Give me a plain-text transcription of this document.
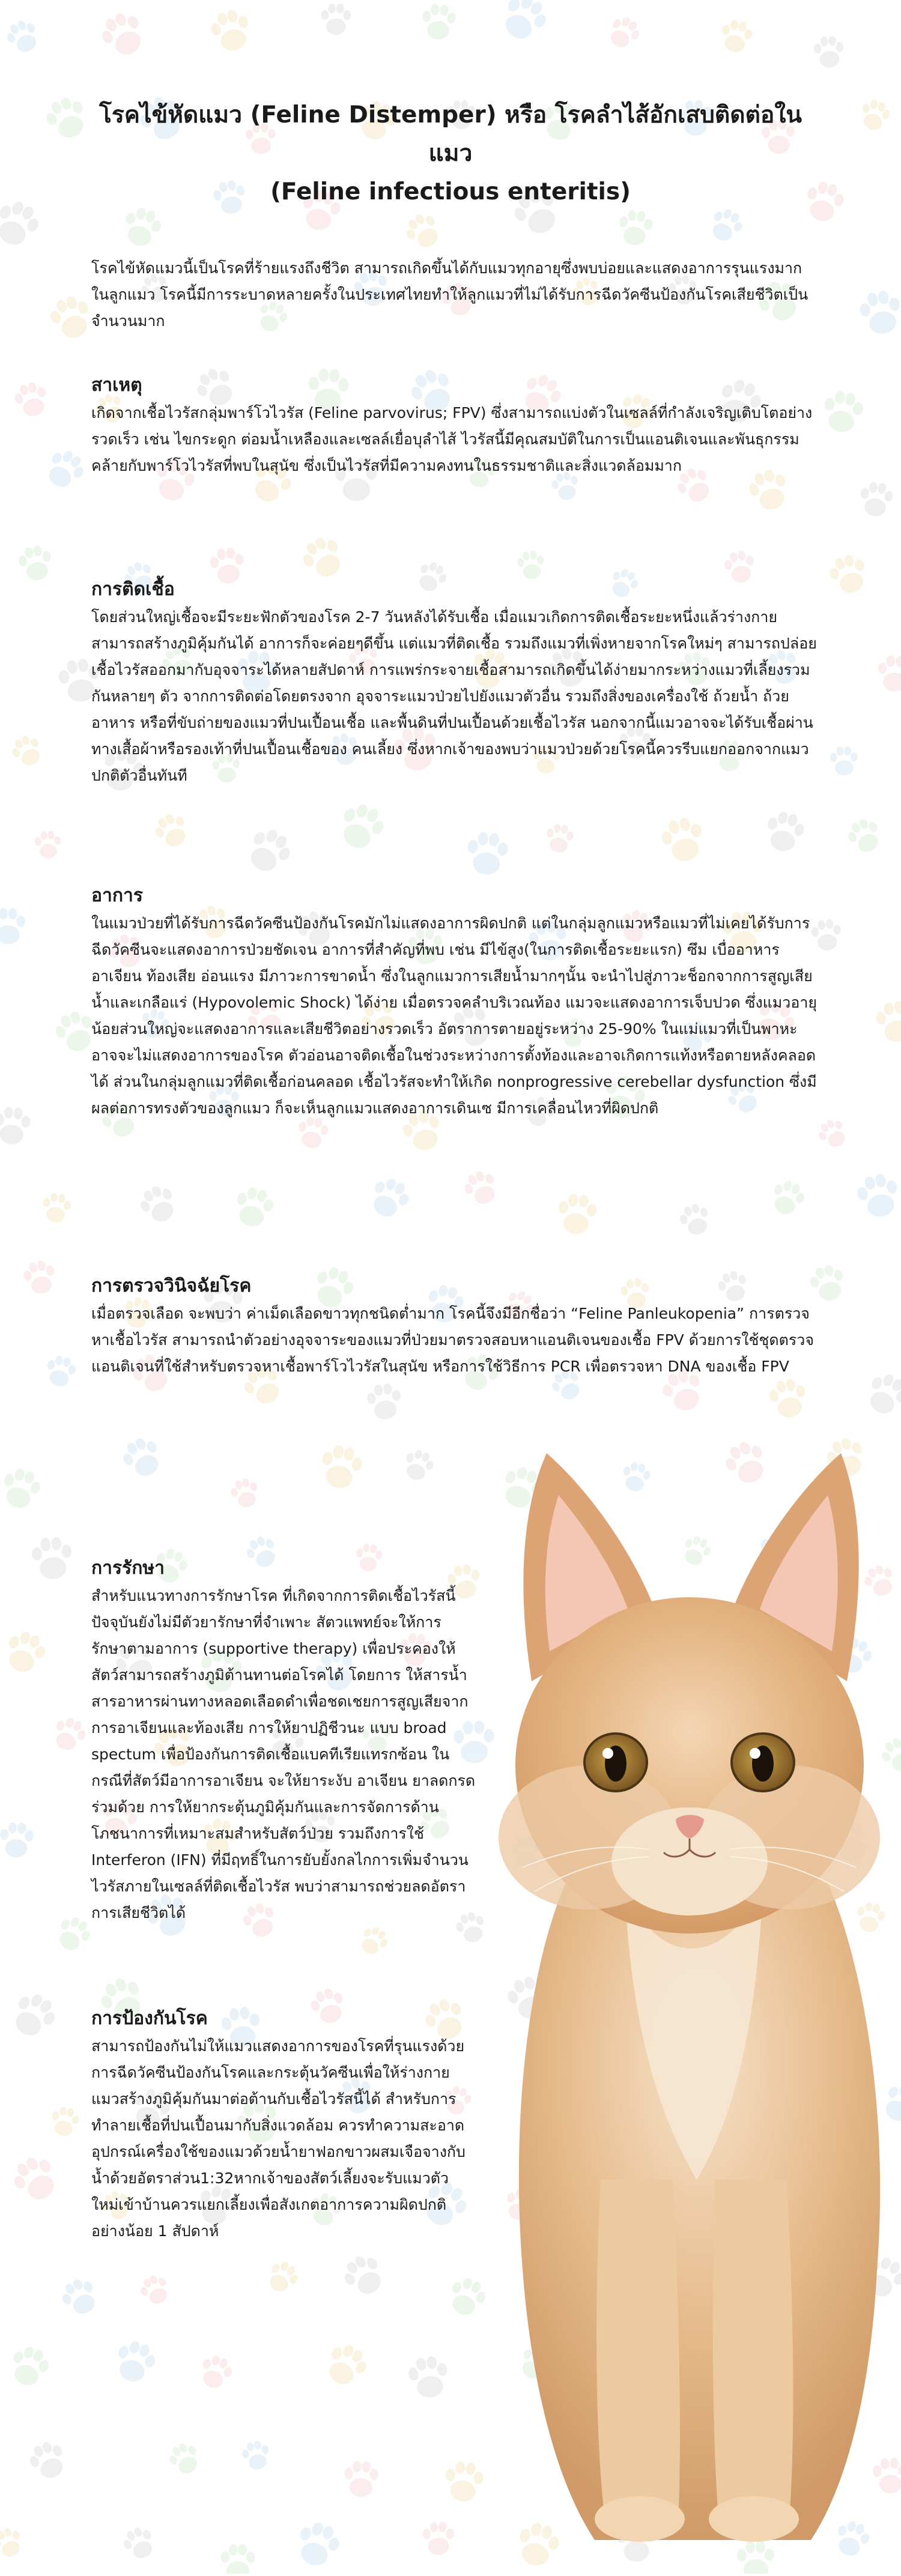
โรคไข้หัดแมว (Feline Distemper) หรือ โรคลำไส้อักเสบติดต่อในแมว
(Feline infectious enteritis)

โรคไข้หัดแมวนี้เป็นโรคที่ร้ายแรงถึงชีวิต สามารถเกิดขึ้นได้กับแมวทุกอายุซึ่งพบบ่อยและแสดงอาการรุนแรงมากในลูกแมว โรคนี้มีการระบาดหลายครั้งในประเทศไทยทำให้ลูกแมวที่ไม่ได้รับการฉีดวัคซีนป้องกันโรคเสียชีวิตเป็นจำนวนมาก

สาเหตุ

เกิดจากเชื้อไวรัสกลุ่มพาร์โวไวรัส (Feline parvovirus; FPV) ซึ่งสามารถแบ่งตัวในเซลล์ที่กำลังเจริญเติบโตอย่างรวดเร็ว เช่น ไขกระดูก ต่อมน้ำเหลืองและเซลล์เยื่อบุลำไส้ ไวรัสนี้มีคุณสมบัติในการเป็นแอนติเจนและพันธุกรรมคล้ายกับพาร์โวไวรัสที่พบในสุนัข ซึ่งเป็นไวรัสที่มีความคงทนในธรรมชาติและสิ่งแวดล้อมมาก

การติดเชื้อ

โดยส่วนใหญ่เชื้อจะมีระยะฟักตัวของโรค 2-7 วันหลังได้รับเชื้อ เมื่อแมวเกิดการติดเชื้อระยะหนึ่งแล้วร่างกายสามารถสร้างภูมิคุ้มกันได้ อาการก็จะค่อยๆดีขึ้น แต่แมวที่ติดเชื้อ รวมถึงแมวที่เพิ่งหายจากโรคใหม่ๆ สามารถปล่อยเชื้อไวรัสออกมากับอุจจาระได้หลายสัปดาห์ การแพร่กระจายเชื้อสามารถเกิดขึ้นได้ง่ายมากระหว่างแมวที่เลี้ยงรวมกันหลายๆ ตัว จากการติดต่อโดยตรงจาก อุจจาระแมวป่วยไปยังแมวตัวอื่น รวมถึงสิ่งของเครื่องใช้ ถ้วยน้ำ ถ้วยอาหาร หรือที่ขับถ่ายของแมวที่ปนเปื้อนเชื้อ และพื้นดินที่ปนเปื้อนด้วยเชื้อไวรัส นอกจากนี้แมวอาจจะได้รับเชื้อผ่านทางเสื้อผ้าหรือรองเท้าที่ปนเปื้อนเชื้อของ คนเลี้ยง ซึ่งหากเจ้าของพบว่าแมวป่วยด้วยโรคนี้ควรรีบแยกออกจากแมวปกติตัวอื่นทันที

อาการ

ในแมวป่วยที่ได้รับการฉีดวัคซีนป้องกันโรคมักไม่แสดงอาการผิดปกติ แต่ในกลุ่มลูกแมวหรือแมวที่ไม่เคยได้รับการฉีดวัคซีนจะแสดงอาการป่วยชัดเจน อาการที่สำคัญที่พบ เช่น มีไข้สูง(ในการติดเชื้อระยะแรก) ซึม เบื่ออาหาร อาเจียน ท้องเสีย อ่อนแรง มีภาวะการขาดน้ำ ซึ่งในลูกแมวการเสียน้ำมากๆนั้น จะนำไปสู่ภาวะช็อกจากการสูญเสียน้ำและเกลือแร่ (Hypovolemic Shock) ได้ง่าย เมื่อตรวจคลำบริเวณท้อง แมวจะแสดงอาการเจ็บปวด ซึ่งแมวอายุน้อยส่วนใหญ่จะแสดงอาการและเสียชีวิตอย่างรวดเร็ว อัตราการตายอยู่ระหว่าง 25-90% ในแม่แมวที่เป็นพาหะอาจจะไม่แสดงอาการของโรค ตัวอ่อนอาจติดเชื้อในช่วงระหว่างการตั้งท้องและอาจเกิดการแท้งหรือตายหลังคลอดได้ ส่วนในกลุ่มลูกแมวที่ติดเชื้อก่อนคลอด เชื้อไวรัสจะทำให้เกิด nonprogressive cerebellar dysfunction ซึ่งมีผลต่อการทรงตัวของลูกแมว ก็จะเห็นลูกแมวแสดงอาการเดินเซ มีการเคลื่อนไหวที่ผิดปกติ

การตรวจวินิจฉัยโรค

เมื่อตรวจเลือด จะพบว่า ค่าเม็ดเลือดขาวทุกชนิดต่ำมาก โรคนี้จึงมีอีกชื่อว่า “Feline Panleukopenia” การตรวจหาเชื้อไวรัส สามารถนำตัวอย่างอุจจาระของแมวที่ป่วยมาตรวจสอบหาแอนติเจนของเชื้อ FPV ด้วยการใช้ชุดตรวจแอนติเจนที่ใช้สำหรับตรวจหาเชื้อพาร์โวไวรัสในสุนัข หรือการใช้วิธีการ PCR เพื่อตรวจหา DNA ของเชื้อ FPV

การรักษา

สำหรับแนวทางการรักษาโรค ที่เกิดจากการติดเชื้อไวรัสนี้ปัจจุบันยังไม่มีตัวยารักษาที่จำเพาะ สัตวแพทย์จะให้การรักษาตามอาการ (supportive therapy) เพื่อประคองให้สัตว์สามารถสร้างภูมิต้านทานต่อโรคได้ โดยการ ให้สารน้ำสารอาหารผ่านทางหลอดเลือดดำเพื่อชดเชยการสูญเสียจากการอาเจียนและท้องเสีย การให้ยาปฏิชีวนะ แบบ broad spectum เพื่อป้องกันการติดเชื้อแบคทีเรียแทรกซ้อน ในกรณีที่สัตว์มีอาการอาเจียน จะให้ยาระงับ อาเจียน ยาลดกรดร่วมด้วย การให้ยากระตุ้นภูมิคุ้มกันและการจัดการด้านโภชนาการที่เหมาะสมสำหรับสัตว์ป่วย รวมถึงการใช้ Interferon (IFN) ที่มีฤทธิ์ในการยับยั้งกลไกการเพิ่มจำนวนไวรัสภายในเซลล์ที่ติดเชื้อไวรัส พบว่าสามารถช่วยลดอัตราการเสียชีวิตได้

การป้องกันโรค

สามารถป้องกันไม่ให้แมวแสดงอาการของโรคที่รุนแรงด้วยการฉีดวัคซีนป้องกันโรคและกระตุ้นวัคซีนเพื่อให้ร่างกาย แมวสร้างภูมิคุ้มกันมาต่อต้านกับเชื้อไวรัสนี้ได้ สำหรับการทำลายเชื้อที่ปนเปื้อนมากับสิ่งแวดล้อม ควรทำความสะอาด อุปกรณ์เครื่องใช้ของแมวด้วยน้ำยาฟอกขาวผสมเจือจางกับน้ำด้วยอัตราส่วน1:32หากเจ้าของสัตว์เลี้ยงจะรับแมวตัว ใหม่เข้าบ้านควรแยกเลี้ยงเพื่อสังเกตอาการความผิดปกติอย่างน้อย 1 สัปดาห์
